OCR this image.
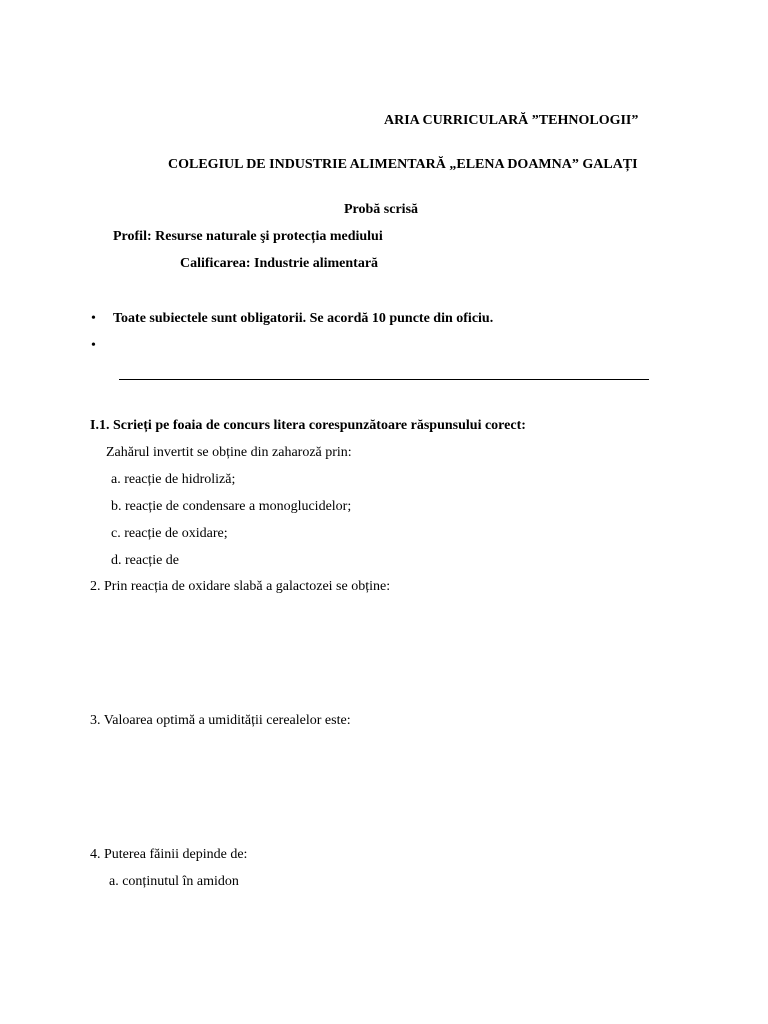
ARIA CURRICULARĂ ”TEHNOLOGII”
COLEGIUL DE INDUSTRIE ALIMENTARĂ „ELENA DOAMNA” GALAȚI
Probă scrisă
Profil: Resurse naturale şi protecția mediului
Calificarea: Industrie alimentară
• Toate subiectele sunt obligatorii. Se acordă 10 puncte din oficiu.
•
I.1. Scrieți pe foaia de concurs litera corespunzătoare răspunsului corect:
Zahărul invertit se obține din zaharoză prin:
a. reacție de hidroliză;
b. reacție de condensare a monoglucidelor;
c. reacție de oxidare;
d. reacție de
2. Prin reacția de oxidare slabă a galactozei se obține:
3. Valoarea optimă a umidității cerealelor este:
4. Puterea făinii depinde de:
a. conținutul în amidon
